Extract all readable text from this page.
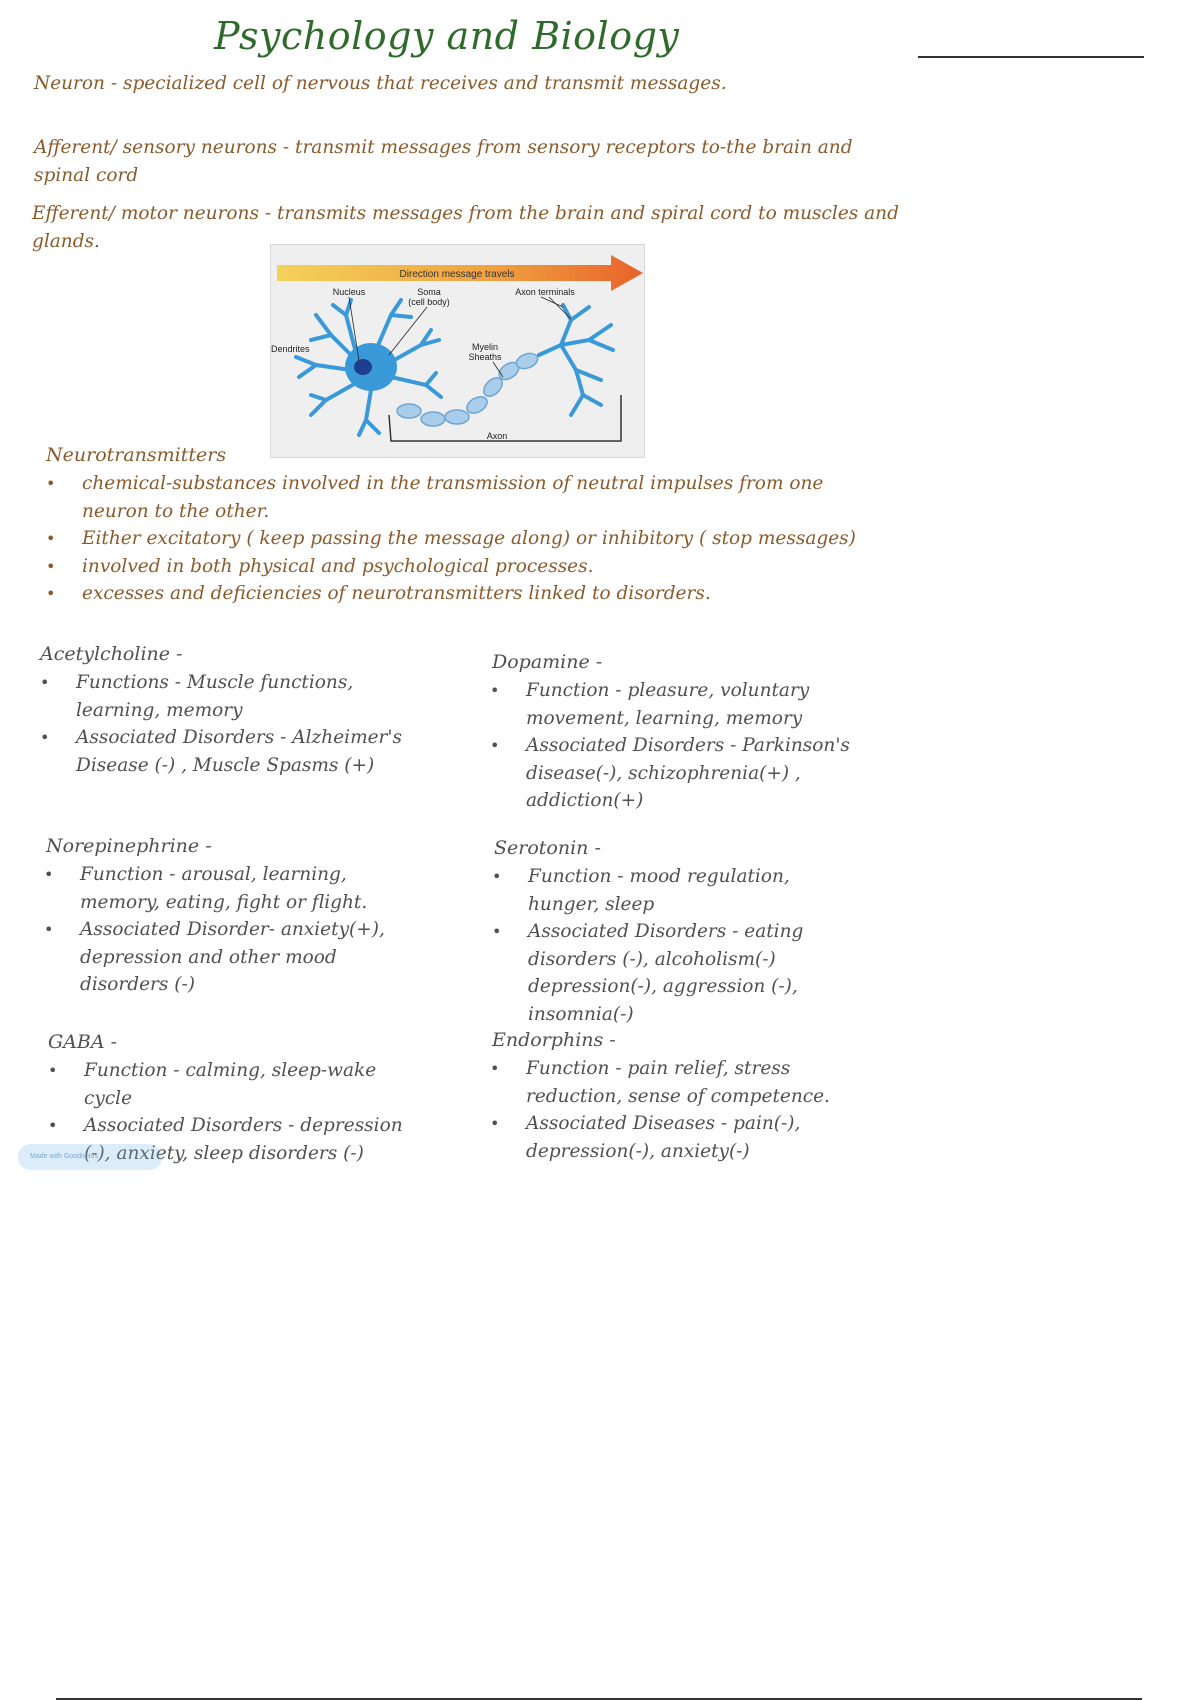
Psychology and Biology

Neuron - specialized cell of nervous that receives and transmit messages.

Afferent/ sensory neurons - transmit messages from sensory receptors to-the brain and spinal cord

Efferent/ motor neurons - transmits messages from the brain and spiral cord to muscles and glands.

Direction message travels
Nucleus	Soma
(cell body)
Axon terminals
Dendrites	Myelin
Sheaths
Axon
Neurotransmitters
• chemical-substances involved in the transmission of neutral impulses from one neuron to the other.
• Either excitatory ( keep passing the message along) or inhibitory ( stop messages)
• involved in both physical and psychological processes.
• excesses and deficiencies of neurotransmitters linked to disorders.
Acetylcholine -
• Functions - Muscle functions, learning, memory
• Associated Disorders - Alzheimer's Disease (-) , Muscle Spasms (+)
Dopamine -
• Function - pleasure, voluntary movement, learning, memory
• Associated Disorders - Parkinson's disease(-), schizophrenia(+) , addiction(+)
Norepinephrine -
• Function - arousal, learning, memory, eating, fight or flight.
• Associated Disorder- anxiety(+), depression and other mood disorders (-)
Serotonin -
• Function - mood regulation, hunger, sleep
• Associated Disorders - eating disorders (-), alcoholism(-) depression(-), aggression (-), insomnia(-)
GABA -
• Function - calming, sleep-wake cycle
• Associated Disorders - depression (-), anxiety, sleep disorders (-)
Endorphins -
• Function - pain relief, stress reduction, sense of competence.
• Associated Diseases - pain(-), depression(-), anxiety(-)
Made with Goodnotes
